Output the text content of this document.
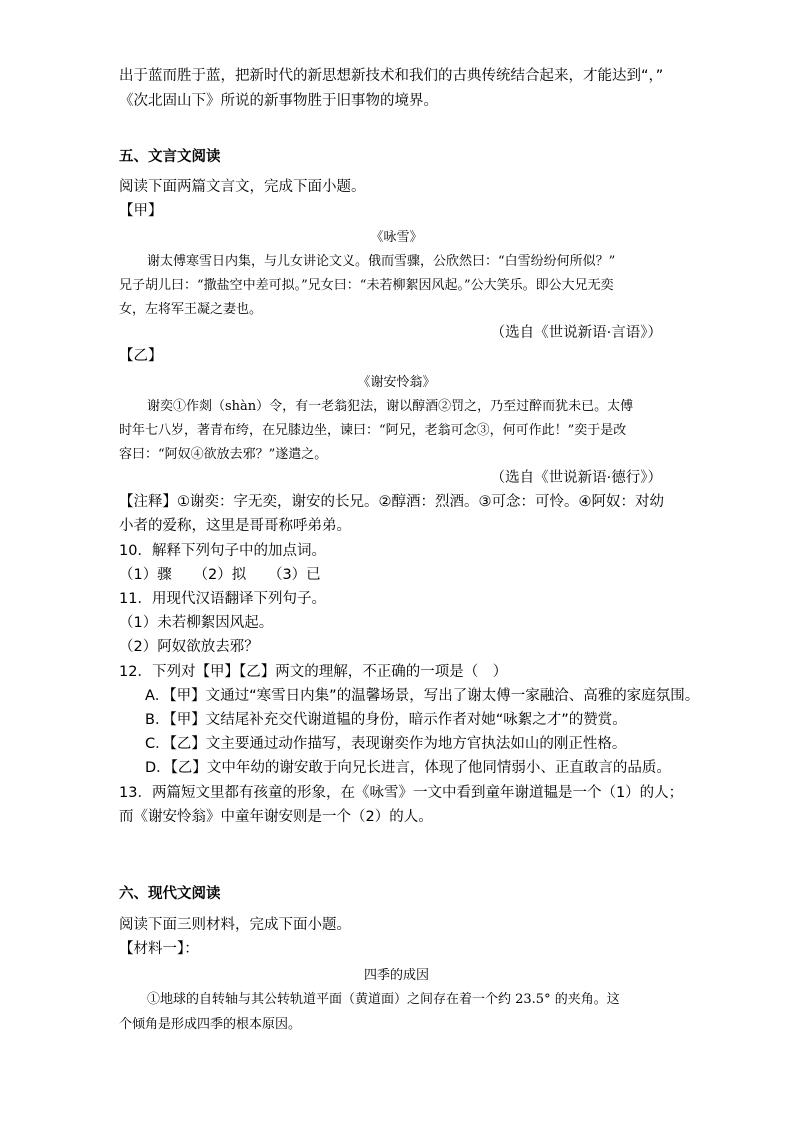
出于蓝而胜于蓝，把新时代的新思想新技术和我们的古典传统结合起来，才能达到“，”
《次北固山下》所说的新事物胜于旧事物的境界。
五、文言文阅读
阅读下面两篇文言文，完成下面小题。
【甲】
《咏雪》
谢太傅寒雪日内集，与儿女讲论文义。俄而雪骤，公欣然曰：“白雪纷纷何所似？”
兄子胡儿曰：“撒盐空中差可拟。”兄女曰：“未若柳絮因风起。”公大笑乐。即公大兄无奕
女，左将军王凝之妻也。
（选自《世说新语·言语》）
【乙】
《谢安怜翁》
谢奕①作剡（shàn）令，有一老翁犯法，谢以醇酒②罚之，乃至过醉而犹未已。太傅
时年七八岁，著青布绔，在兄膝边坐，谏曰：“阿兄，老翁可念③，何可作此！”奕于是改
容曰：“阿奴④欲放去邪？”遂遣之。
（选自《世说新语·德行》）
【注释】①谢奕：字无奕，谢安的长兄。②醇酒：烈酒。③可念：可怜。④阿奴：对幼
小者的爱称，这里是哥哥称呼弟弟。
10．解释下列句子中的加点词。
（1）骤　　（2）拟　　（3）已
11．用现代汉语翻译下列句子。
（1）未若柳絮因风起。
（2）阿奴欲放去邪？
12．下列对【甲】【乙】两文的理解，不正确的一项是（　）
A．【甲】文通过“寒雪日内集”的温馨场景，写出了谢太傅一家融洽、高雅的家庭氛围。
B．【甲】文结尾补充交代谢道韫的身份，暗示作者对她“咏絮之才”的赞赏。
C．【乙】文主要通过动作描写，表现谢奕作为地方官执法如山的刚正性格。
D．【乙】文中年幼的谢安敢于向兄长进言，体现了他同情弱小、正直敢言的品质。
13．两篇短文里都有孩童的形象，在《咏雪》一文中看到童年谢道韫是一个（1）的人；
而《谢安怜翁》中童年谢安则是一个（2）的人。
六、现代文阅读
阅读下面三则材料，完成下面小题。
【材料一】：
四季的成因
①地球的自转轴与其公转轨道平面（黄道面）之间存在着一个约 23.5° 的夹角。这
个倾角是形成四季的根本原因。
